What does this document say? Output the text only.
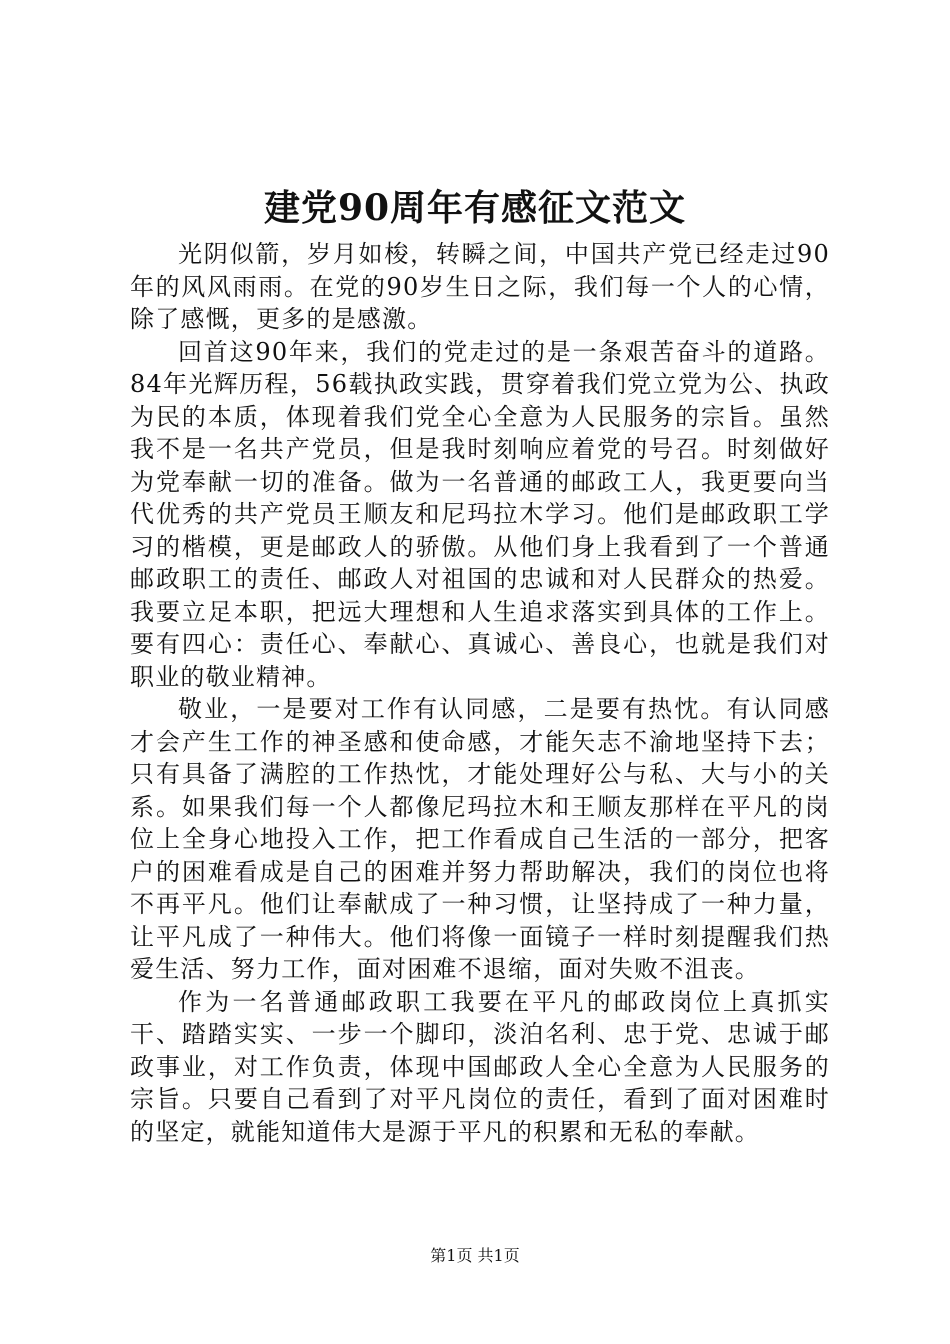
建党90周年有感征文范文

光阴似箭，岁月如梭，转瞬之间，中国共产党已经走过90年的风风雨雨。在党的90岁生日之际，我们每一个人的心情，除了感慨，更多的是感激。

回首这90年来，我们的党走过的是一条艰苦奋斗的道路。84年光辉历程，56载执政实践，贯穿着我们党立党为公、执政为民的本质，体现着我们党全心全意为人民服务的宗旨。虽然我不是一名共产党员，但是我时刻响应着党的号召。时刻做好为党奉献一切的准备。做为一名普通的邮政工人，我更要向当代优秀的共产党员王顺友和尼玛拉木学习。他们是邮政职工学习的楷模，更是邮政人的骄傲。从他们身上我看到了一个普通邮政职工的责任、邮政人对祖国的忠诚和对人民群众的热爱。我要立足本职，把远大理想和人生追求落实到具体的工作上。要有四心：责任心、奉献心、真诚心、善良心，也就是我们对职业的敬业精神。

敬业，一是要对工作有认同感，二是要有热忱。有认同感才会产生工作的神圣感和使命感，才能矢志不渝地坚持下去；只有具备了满腔的工作热忱，才能处理好公与私、大与小的关系。如果我们每一个人都像尼玛拉木和王顺友那样在平凡的岗位上全身心地投入工作，把工作看成自己生活的一部分，把客户的困难看成是自己的困难并努力帮助解决，我们的岗位也将不再平凡。他们让奉献成了一种习惯，让坚持成了一种力量，让平凡成了一种伟大。他们将像一面镜子一样时刻提醒我们热爱生活、努力工作，面对困难不退缩，面对失败不沮丧。

作为一名普通邮政职工我要在平凡的邮政岗位上真抓实干、踏踏实实、一步一个脚印，淡泊名利、忠于党、忠诚于邮政事业，对工作负责，体现中国邮政人全心全意为人民服务的宗旨。只要自己看到了对平凡岗位的责任，看到了面对困难时的坚定，就能知道伟大是源于平凡的积累和无私的奉献。

第1页 共1页
